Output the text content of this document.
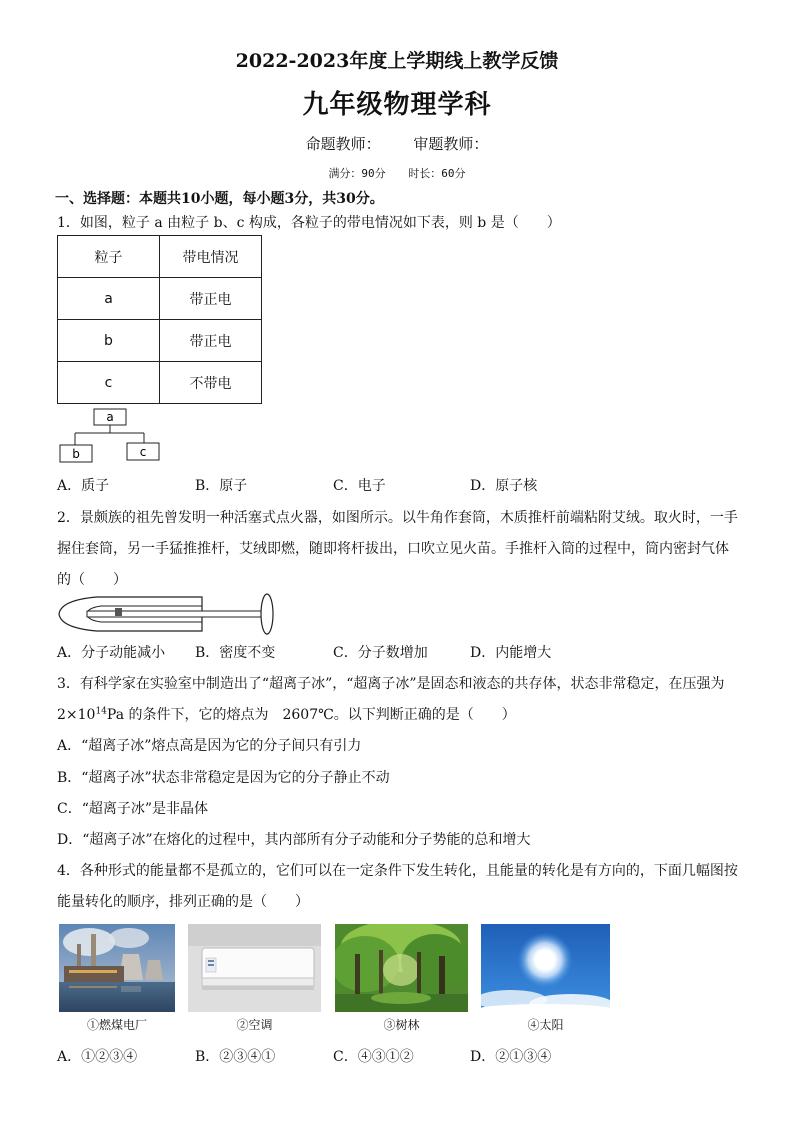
2022-2023年度上学期线上教学反馈
九年级物理学科
命题教师： 审题教师：
满分：90分 时长：60分
一、选择题：本题共10小题，每小题3分，共30分。
1．如图，粒子 a 由粒子 b、c 构成，各粒子的带电情况如下表，则 b 是（　　）
粒子	带电情况
a	带正电
b	带正电
c	不带电
a
b	c
A．质子	B．原子	C．电子	D．原子核
2．景颇族的祖先曾发明一种活塞式点火器，如图所示。以牛角作套筒，木质推杆前端粘附艾绒。取火时，一手
握住套筒，另一手猛推推杆，艾绒即燃，随即将杆拔出，口吹立见火苗。手推杆入筒的过程中，筒内密封气体
的（　　）
A．分子动能减小 B．密度不变	C．分子数增加	D．内能增大
3．有科学家在实验室中制造出了“超离子冰”，“超离子冰”是固态和液态的共存体，状态非常稳定，在压强为
$2\times 10^{14}Pa$ 的条件下，它的熔点为　2607℃。以下判断正确的是（　　）
A．“超离子冰”熔点高是因为它的分子间只有引力
B．“超离子冰”状态非常稳定是因为它的分子静止不动
C．“超离子冰”是非晶体
D．“超离子冰”在熔化的过程中，其内部所有分子动能和分子势能的总和增大
4．各种形式的能量都不是孤立的，它们可以在一定条件下发生转化，且能量的转化是有方向的，下面几幅图按
能量转化的顺序，排列正确的是（　　）
①燃煤电厂	②空调	③树林	④太阳
A．①②③④	B．②③④①	C．④③①②	D．②①③④
